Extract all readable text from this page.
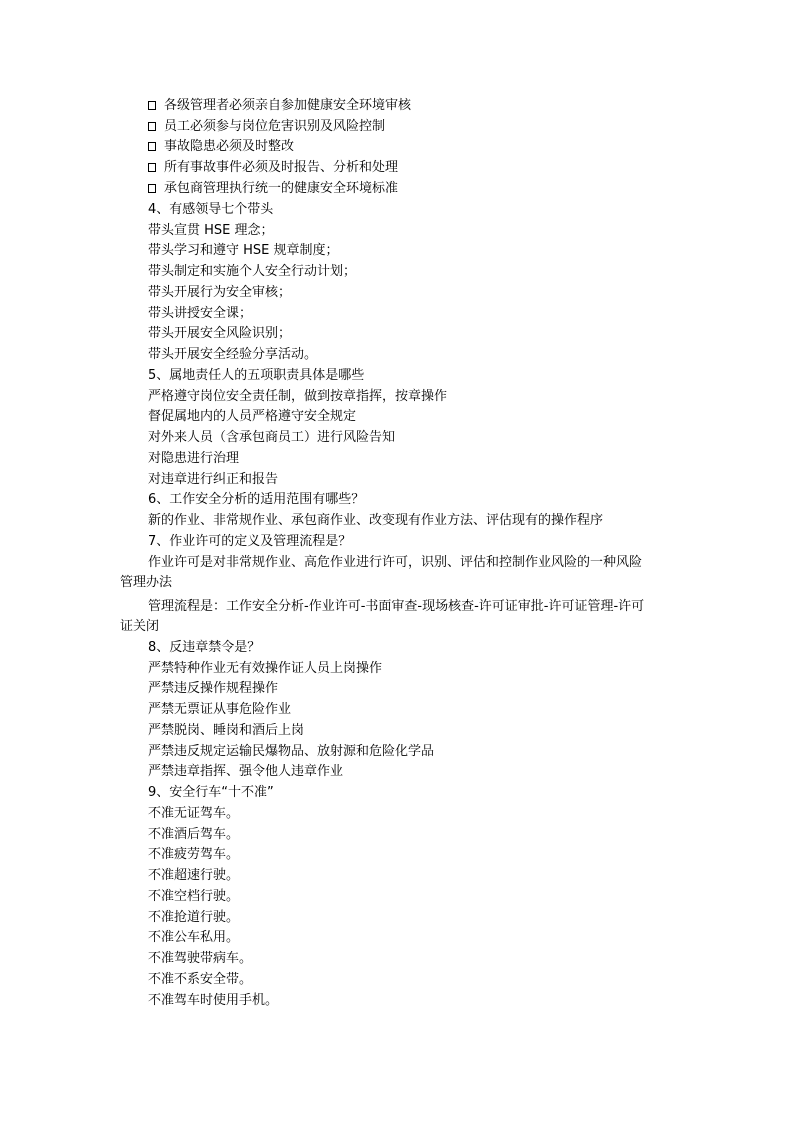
各级管理者必须亲自参加健康安全环境审核
员工必须参与岗位危害识别及风险控制
事故隐患必须及时整改
所有事故事件必须及时报告、分析和处理
承包商管理执行统一的健康安全环境标准
4、有感领导七个带头
带头宣贯 HSE 理念；
带头学习和遵守 HSE 规章制度；
带头制定和实施个人安全行动计划；
带头开展行为安全审核；
带头讲授安全课；
带头开展安全风险识别；
带头开展安全经验分享活动。
5、属地责任人的五项职责具体是哪些
严格遵守岗位安全责任制，做到按章指挥，按章操作
督促属地内的人员严格遵守安全规定
对外来人员（含承包商员工）进行风险告知
对隐患进行治理
对违章进行纠正和报告
6、工作安全分析的适用范围有哪些？
新的作业、非常规作业、承包商作业、改变现有作业方法、评估现有的操作程序
7、作业许可的定义及管理流程是？
作业许可是对非常规作业、高危作业进行许可，识别、评估和控制作业风险的一种风险
管理办法
管理流程是：工作安全分析-作业许可-书面审查-现场核查-许可证审批-许可证管理-许可
证关闭
8、反违章禁令是？
严禁特种作业无有效操作证人员上岗操作
严禁违反操作规程操作
严禁无票证从事危险作业
严禁脱岗、睡岗和酒后上岗
严禁违反规定运输民爆物品、放射源和危险化学品
严禁违章指挥、强令他人违章作业
9、安全行车“十不准”
不准无证驾车。
不准酒后驾车。
不准疲劳驾车。
不准超速行驶。
不准空档行驶。
不准抢道行驶。
不准公车私用。
不准驾驶带病车。
不准不系安全带。
不准驾车时使用手机。
